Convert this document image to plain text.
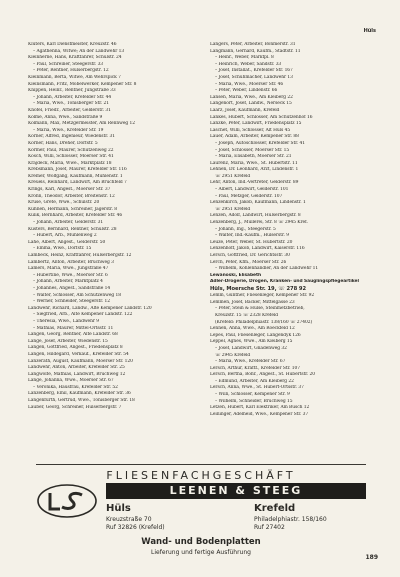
Hüls
Klüters, Karl Dienstmeister, Kreuzstr. 46
– Agathenna, Witwe; An der Landwehr 13
Kleinherne, Hans, Kraftfahrer, Schulstr. 24
– Paul, Schreiner, Steegerstr. 33
– Peter, Rentner, Hülserbergstr. 12
Kleinmann, Berta, Witwe, Am Wehrspick 7
Kleinsmann, Fritz, Möbelwerker, Kempener Str. 8
Knippen, Heinr., Rentner, Jungstraße 33
– Johann, Arbeiter, Krefelder Str. 44
– Maria, Wwe., Tönisberger Str. 21
Knöfel, Friedr., Arbeiter, Gelderstr. 31
Kolme, Anna, Wwe., Sandstraße 9
Kolmann, Max, Metzgermeister, Am Rennweg 12
– Maria, Wwe., Krefelder Str. 19
Körner, Alfred, Ingenieur, Wiedenstr. 31
Korner, Hans, Dreher, Dorfstr. 5
Kormer, Paul, Maurer, Schützenweg 22
Kosch, Willi, Schlosser, Moerser Str. 41
Krajdeck, Maria, Wwe., Marktplatz 18
Krebsmann, Josef, Maurer, Krefelder Str. 116
Kremer, Wolfgang, Kaufmann, Mühlenstr. 1
Kreuels, Reinhard, Landwirt, Am Bruchfeld 7
Krings, Karl, Angest., Moerser Str. 37
Krohn, Theodor, Arbeiter, Breitenstr. 12
Kruse, Grete, Wwe., Schulstr. 20
Kuhnen, Hermann, Schreiner, Jägerstr. 8
Kulik, Bernhard, Arbeiter, Krefelder Str. 46
– Johann, Arbeiter, Gelderstr. 31
Küsters, Bernhard, Rentner, Schulstr. 28
– Hubert, Arb., Mühlenweg 2
Lahe, Albert, Angest., Gelderstr. 50
– Emma, Wwe., Dorfstr. 15
Lambeck, Heinz, Kraftfahrer, Hülserbergstr. 12
Lambertz, Anton, Arbeiter, Bruchweg 3
Lamers, Maria, Wwe., Jungstraße 47
– Hubertine, Wwe., Moerser Str. 6
– Johann, Arbeiter, Marktplatz 4
– Johannes, Angest., Sandstraße 14
– Walter, Schlosser, Am Schützenweg 18
– Werner, Schneider, Steegerstr. 12
Landwehr, Richard, Landw., Alte Kempener Landstr. 120
– Siegfried, Arb., Alte Kempener Landstr. 122
– Theresia, Wwe., Landwehr 9
– Mathias, Maurer, Mittel-Ortsstr. 11
Langen, Georg, Rentner, Alte Landstr. 68
Lange, Josef, Arbeiter, Wiedenstr. 15
Langen, Gottfried, Angest., Friedensplatz 8
Langen, Hildegard, Verkäuf., Krefelder Str. 54
Lanzerath, August, Kaufmann, Moerser Str. 120
Landwehr, Anton, Arbeiter, Krefelder Str. 25
Langwolfe, Mathias, Landwirt, Bruchweg 12
Lange, Johanna, Wwe., Moerser Str. 67
– Veronika, Hausfrau, Krefelder Str. 52
Lanzenberg, Emil, Kaufmann, Krefelder Str. 36
Langenfurth, Gertrud, Wwe., Tönisberger Str. 18
Lauber, Georg, Schreiner, Hülserbergstr. 7
Langers, Peter, Arbeiter, Bonmerstr. 31
Langmann, Gerhard, Kaufm., Stadtstr. 11
– Heinr., Weber, Marktpl. 8
– Heinrich, Weber, Sandstr. 33
– Josef, Installat., Krefelder Str. 167
– Josef, Schuhmacher, Landwehr 13
– Maria, Wwe., Moerser Str. 46
– Peter, Weber, Lindenstr. 66
Lansen, Maria, Wwe., Am Kleiberg 22
Langenort, Josef, Landw., Nerseck 15
Laarz, Josef, Kaufmann, Krefeld
Lankes, Hubert, Schlosser, Am Schützenhof 16
Lanzke, Peter, Landwirt, Friedensplatz 15
Laschet, Willi, Schlosser, Alt Hüls 45
Lauer, Adam, Arbeiter, Kempener Str. 88
– Joseph, Autoschlosser, Krefelder Str. 41
– Josef, Schlosser, Moerser Str. 15
– Maria, Elisabeth, Moerser Str. 21
Laurenz, Maria, Wwe., St. Hubertstr. 11
Lehnen, Dr. Leonhard, Arzt, Lindenstr. 1
☏ 2951 Krefeld
Lehr, Anton, Ind.-Vertreter, Gelderstr. 89
– Albert, Landwirt, Gelderstr. 101
– Paul, Metzger, Gelderstr. 107
Lenzenkirch, Jakob, Kaufmann, Lindenstr. 1
☏ 2951 Krefeld
Lenzen, Adolf, Landwirt, Hülserbergstr. 8
Lenzenberg, J., Müllerei, Str. 8 ☏ 2945 Kref.
– Johann, Ing., Steegerstr. 5
– Walter, Ind.-Kaufm., Hülserstr. 9
Leuze, Peter, Weber, St. Hubertstr. 20
Lenzenhoff, Jakob, Landwirt, Kaiserstr. 116
Lersch, Gottfried, Dr. Gerichtsstr. 30
Lerch, Peter, Kfm., Moerser Str. 26
– Wilhelm, Kohlenhändler, An der Landwehr 11
Lewanoski, Elisabeth
Adler-Drogerie, Drogen, Kranken- und Säuglingspflegeartikel
Hüls, Moersche Str. 19, ☏ 278 92
Lemm, Günther, Fliesenleger, Kempener Str. 92
Lemmen, Josef, Bäcker, Mittelgasse 23
– Peter, Stein & Hülse, Steinmetzbetrieb,
Kreuzstr. 15 ☏ 2328 Krefeld
(Krefeld: Philadelphiastr. 138/160 ☏ 27402)
Lennen, Anna, Wwe., Am Roeckfeld 12
Lepes, Paul, Fliesenleger, Langendyk 126
Leppel, Agnes, Wwe., Am Kleiberg 15
– Josef, Landwirt, Gnadenweg 32
☏ 2945 Krefeld
– Maria, Wwe., Krefelder Str. 67
Lersch, Arthur, Kraftf., Krefelder Str. 107
Lersch, Bertha, Bohr., Angest., St. Hubertstr. 20
– Edmund, Arbeiter, Am Kleiberg 22
Lersch, Anna, Wwe., St. Hubert-Ortsstr. 37
– Willi, Schlosser, Kempener Str. 9
– Wilhelm, Schneider, Bruchweg 15
Letzen, Hubert, Karl Elektriker, Am Busch 12
Leininger, Adelheid, Wwe., Kempener Str. 37
FLIESENFACHGESCHÄFT
LEENEN & STEEG
Hüls
Kreuzstraße 70
Ruf 32826 (Krefeld)
Krefeld
Philadelphiastr. 158/160
Ruf 27402
Wand- und Bodenplatten
Lieferung und fertige Ausführung
189
